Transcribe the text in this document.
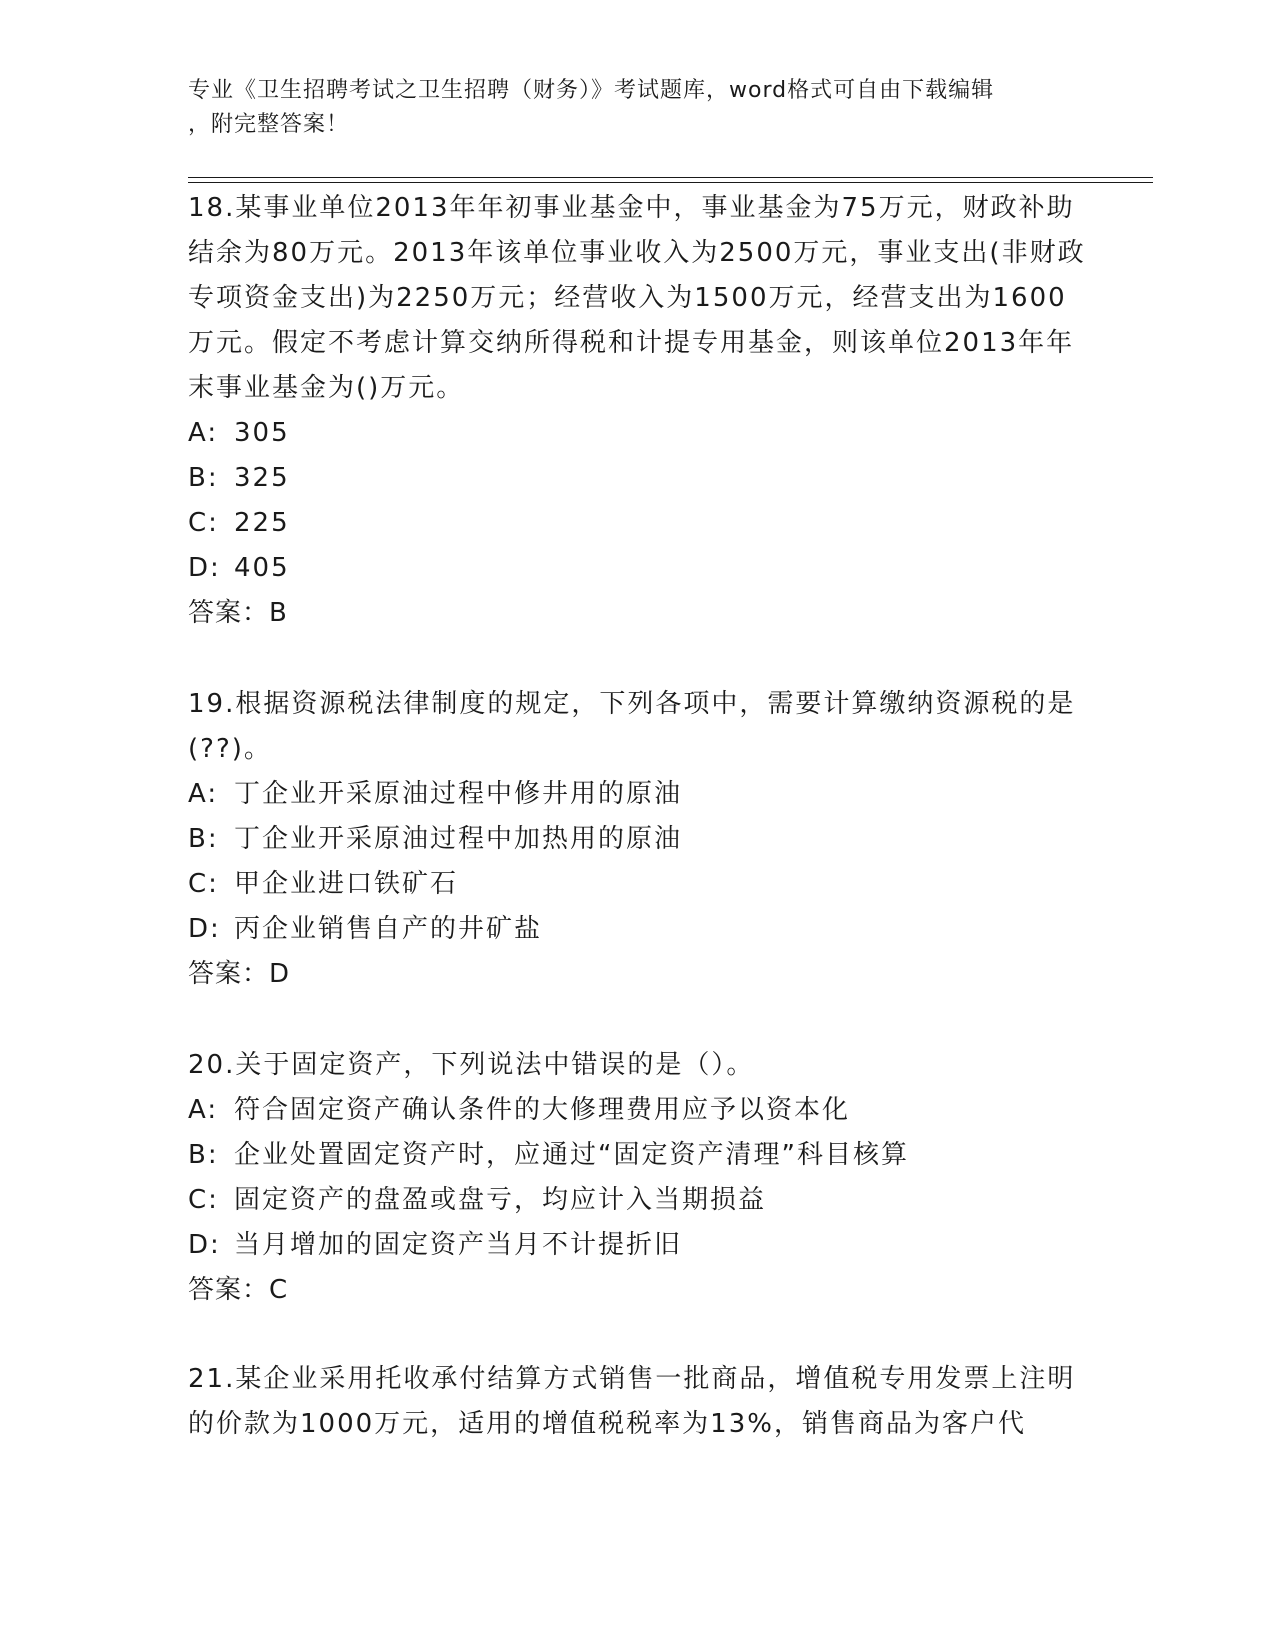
专业《卫生招聘考试之卫生招聘（财务）》考试题库，word格式可自由下载编辑
，附完整答案！
18.某事业单位2013年年初事业基金中，事业基金为75万元，财政补助结余为80万元。2013年该单位事业收入为2500万元，事业支出(非财政专项资金支出)为2250万元；经营收入为1500万元，经营支出为1600万元。假定不考虑计算交纳所得税和计提专用基金，则该单位2013年年末事业基金为()万元。
A: 305
B: 325
C: 225
D: 405
答案：B
19.根据资源税法律制度的规定，下列各项中，需要计算缴纳资源税的是(??)。
A: 丁企业开采原油过程中修井用的原油
B: 丁企业开采原油过程中加热用的原油
C: 甲企业进口铁矿石
D: 丙企业销售自产的井矿盐
答案：D
20.关于固定资产，下列说法中错误的是（）。
A: 符合固定资产确认条件的大修理费用应予以资本化
B: 企业处置固定资产时，应通过“固定资产清理”科目核算
C: 固定资产的盘盈或盘亏，均应计入当期损益
D: 当月增加的固定资产当月不计提折旧
答案：C
21.某企业采用托收承付结算方式销售一批商品，增值税专用发票上注明的价款为1000万元，适用的增值税税率为13%，销售商品为客户代
